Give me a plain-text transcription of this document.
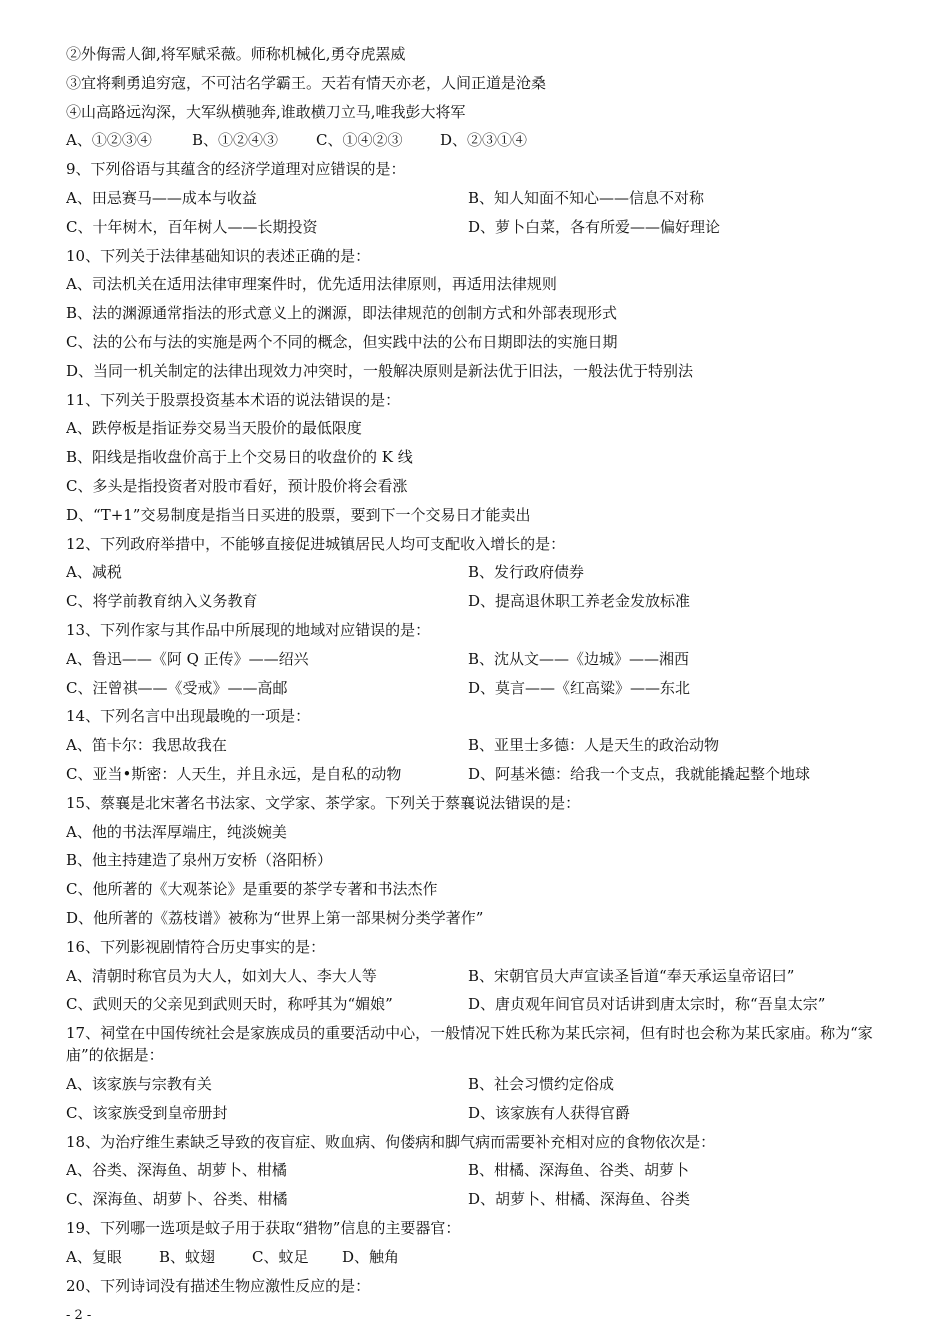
②外侮需人御,将军赋采薇。师称机械化,勇夺虎罴威
③宜将剩勇追穷寇，不可沽名学霸王。天若有情天亦老，人间正道是沧桑
④山高路远沟深，大军纵横驰奔,谁敢横刀立马,唯我彭大将军
A、①②③④	B、①②④③	C、①④②③	D、②③①④
9、下列俗语与其蕴含的经济学道理对应错误的是：
A、田忌赛马——成本与收益	B、知人知面不知心——信息不对称
C、十年树木，百年树人——长期投资	D、萝卜白菜，各有所爱——偏好理论
10、下列关于法律基础知识的表述正确的是：
A、司法机关在适用法律审理案件时，优先适用法律原则，再适用法律规则
B、法的渊源通常指法的形式意义上的渊源，即法律规范的创制方式和外部表现形式
C、法的公布与法的实施是两个不同的概念，但实践中法的公布日期即法的实施日期
D、当同一机关制定的法律出现效力冲突时，一般解决原则是新法优于旧法，一般法优于特别法
11、下列关于股票投资基本术语的说法错误的是：
A、跌停板是指证券交易当天股价的最低限度
B、阳线是指收盘价高于上个交易日的收盘价的 K 线
C、多头是指投资者对股市看好，预计股价将会看涨
D、“T+1”交易制度是指当日买进的股票，要到下一个交易日才能卖出
12、下列政府举措中，不能够直接促进城镇居民人均可支配收入增长的是：
A、减税	B、发行政府债券
C、将学前教育纳入义务教育	D、提高退休职工养老金发放标准
13、下列作家与其作品中所展现的地域对应错误的是：
A、鲁迅——《阿 Q 正传》——绍兴	B、沈从文——《边城》——湘西
C、汪曾祺——《受戒》——高邮	D、莫言——《红高粱》——东北
14、下列名言中出现最晚的一项是：
A、笛卡尔：我思故我在	B、亚里士多德：人是天生的政治动物
C、亚当•斯密：人天生，并且永远，是自私的动物	D、阿基米德：给我一个支点，我就能撬起整个地球
15、蔡襄是北宋著名书法家、文学家、茶学家。下列关于蔡襄说法错误的是：
A、他的书法浑厚端庄，纯淡婉美
B、他主持建造了泉州万安桥（洛阳桥）
C、他所著的《大观茶论》是重要的茶学专著和书法杰作
D、他所著的《荔枝谱》被称为“世界上第一部果树分类学著作”
16、下列影视剧情符合历史事实的是：
A、清朝时称官员为大人，如刘大人、李大人等	B、宋朝官员大声宣读圣旨道“奉天承运皇帝诏曰”
C、武则天的父亲见到武则天时，称呼其为“媚娘”	D、唐贞观年间官员对话讲到唐太宗时，称“吾皇太宗”
17、祠堂在中国传统社会是家族成员的重要活动中心，一般情况下姓氏称为某氏宗祠，但有时也会称为某氏家庙。称为“家庙”的依据是：
A、该家族与宗教有关	B、社会习惯约定俗成
C、该家族受到皇帝册封	D、该家族有人获得官爵
18、为治疗维生素缺乏导致的夜盲症、败血病、佝偻病和脚气病而需要补充相对应的食物依次是：
A、谷类、深海鱼、胡萝卜、柑橘	B、柑橘、深海鱼、谷类、胡萝卜
C、深海鱼、胡萝卜、谷类、柑橘	D、胡萝卜、柑橘、深海鱼、谷类
19、下列哪一选项是蚊子用于获取“猎物”信息的主要器官：
A、复眼	B、蚊翅	C、蚊足	D、触角
20、下列诗词没有描述生物应激性反应的是：
- 2 -
